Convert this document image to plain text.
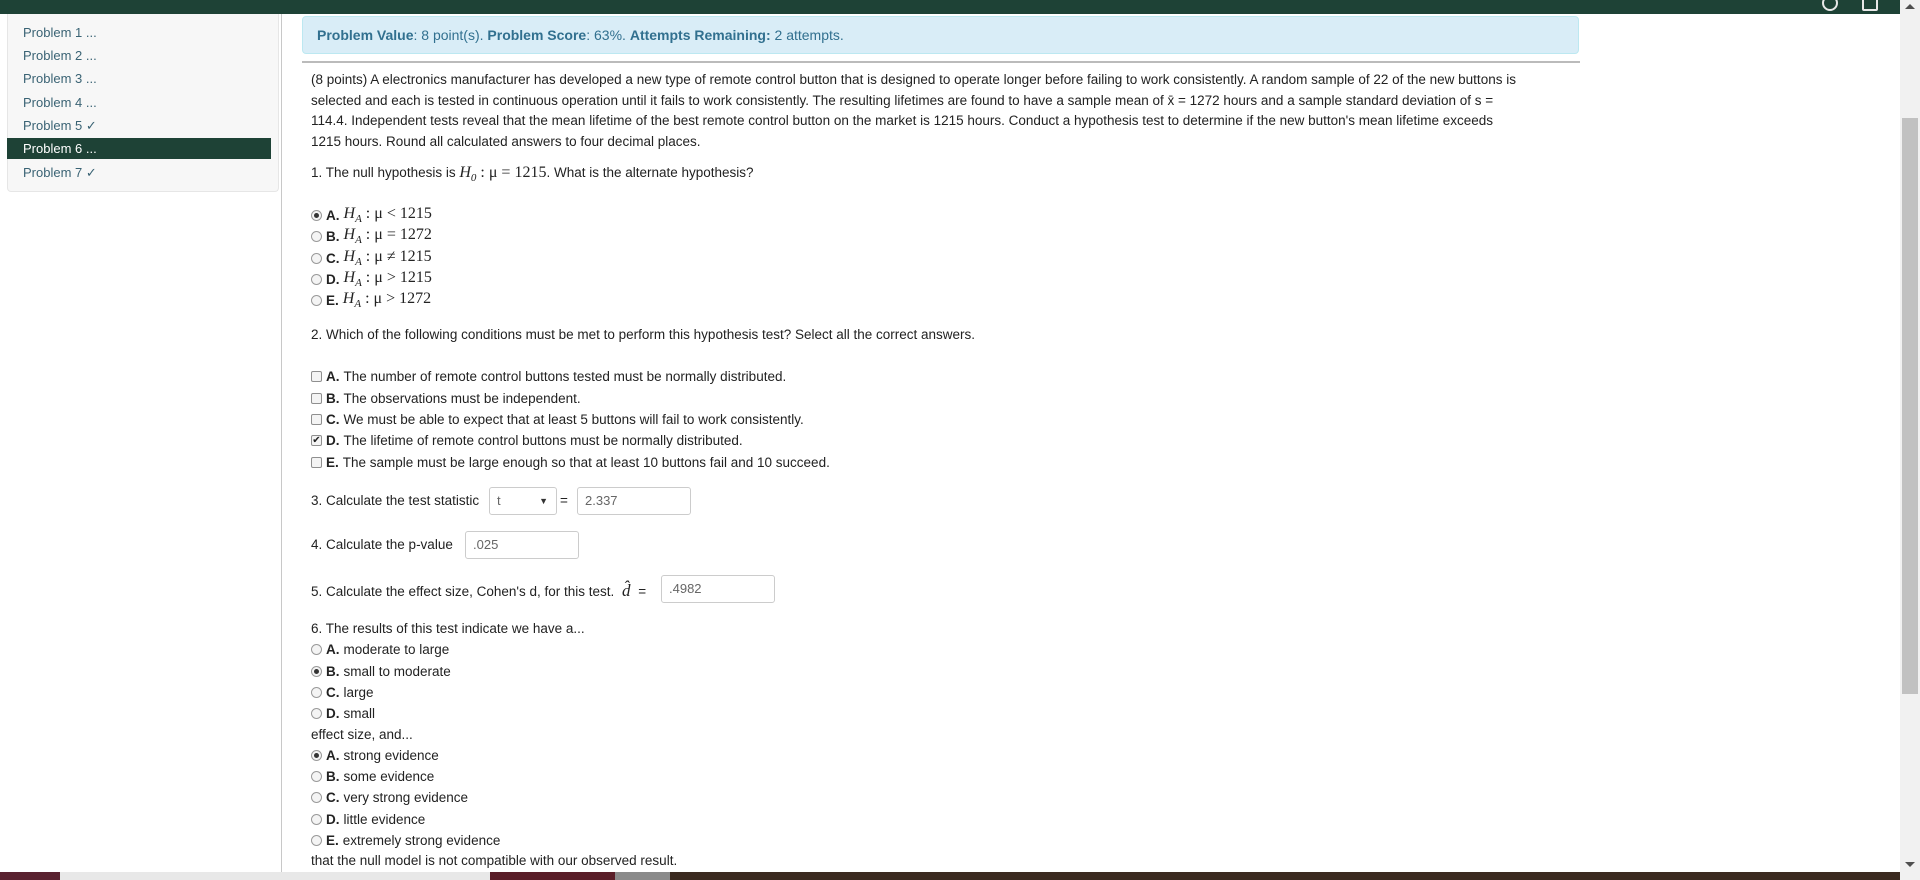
Problem 1 ...
Problem 2 ...
Problem 3 ...
Problem 4 ...
Problem 5 ✓
Problem 6 ...
Problem 7 ✓
Problem Value: 8 point(s). Problem Score: 63%. Attempts Remaining: 2 attempts.
(8 points) A electronics manufacturer has developed a new type of remote control button that is designed to operate longer before failing to work consistently. A random sample of 22 of the new buttons is
selected and each is tested in continuous operation until it fails to work consistently. The resulting lifetimes are found to have a sample mean of x̄ = 1272 hours and a sample standard deviation of s =
114.4. Independent tests reveal that the mean lifetime of the best remote control button on the market is 1215 hours. Conduct a hypothesis test to determine if the new button's mean lifetime exceeds
1215 hours. Round all calculated answers to four decimal places.
1. The null hypothesis is $H_0$ : μ = 1215. What is the alternate hypothesis?
A. $H_A$ : μ < 1215
B. $H_A$ : μ = 1272
C. $H_A$ : μ ≠ 1215
D. $H_A$ : μ > 1215
E. $H_A$ : μ > 1272
2. Which of the following conditions must be met to perform this hypothesis test? Select all the correct answers.
A. The number of remote control buttons tested must be normally distributed.
B. The observations must be independent.
C. We must be able to expect that at least 5 buttons will fail to work consistently.
✔ D. The lifetime of remote control buttons must be normally distributed.
E. The sample must be large enough so that at least 10 buttons fail and 10 succeed.
3. Calculate the test statistic	t	▼ =	2.337
4. Calculate the p-value	.025
5. Calculate the effect size, Cohen's d, for this test. d̂ =	.4982
6. The results of this test indicate we have a...
A. moderate to large
B. small to moderate
C. large
D. small
effect size, and...
A. strong evidence
B. some evidence
C. very strong evidence
D. little evidence
E. extremely strong evidence
that the null model is not compatible with our observed result.
